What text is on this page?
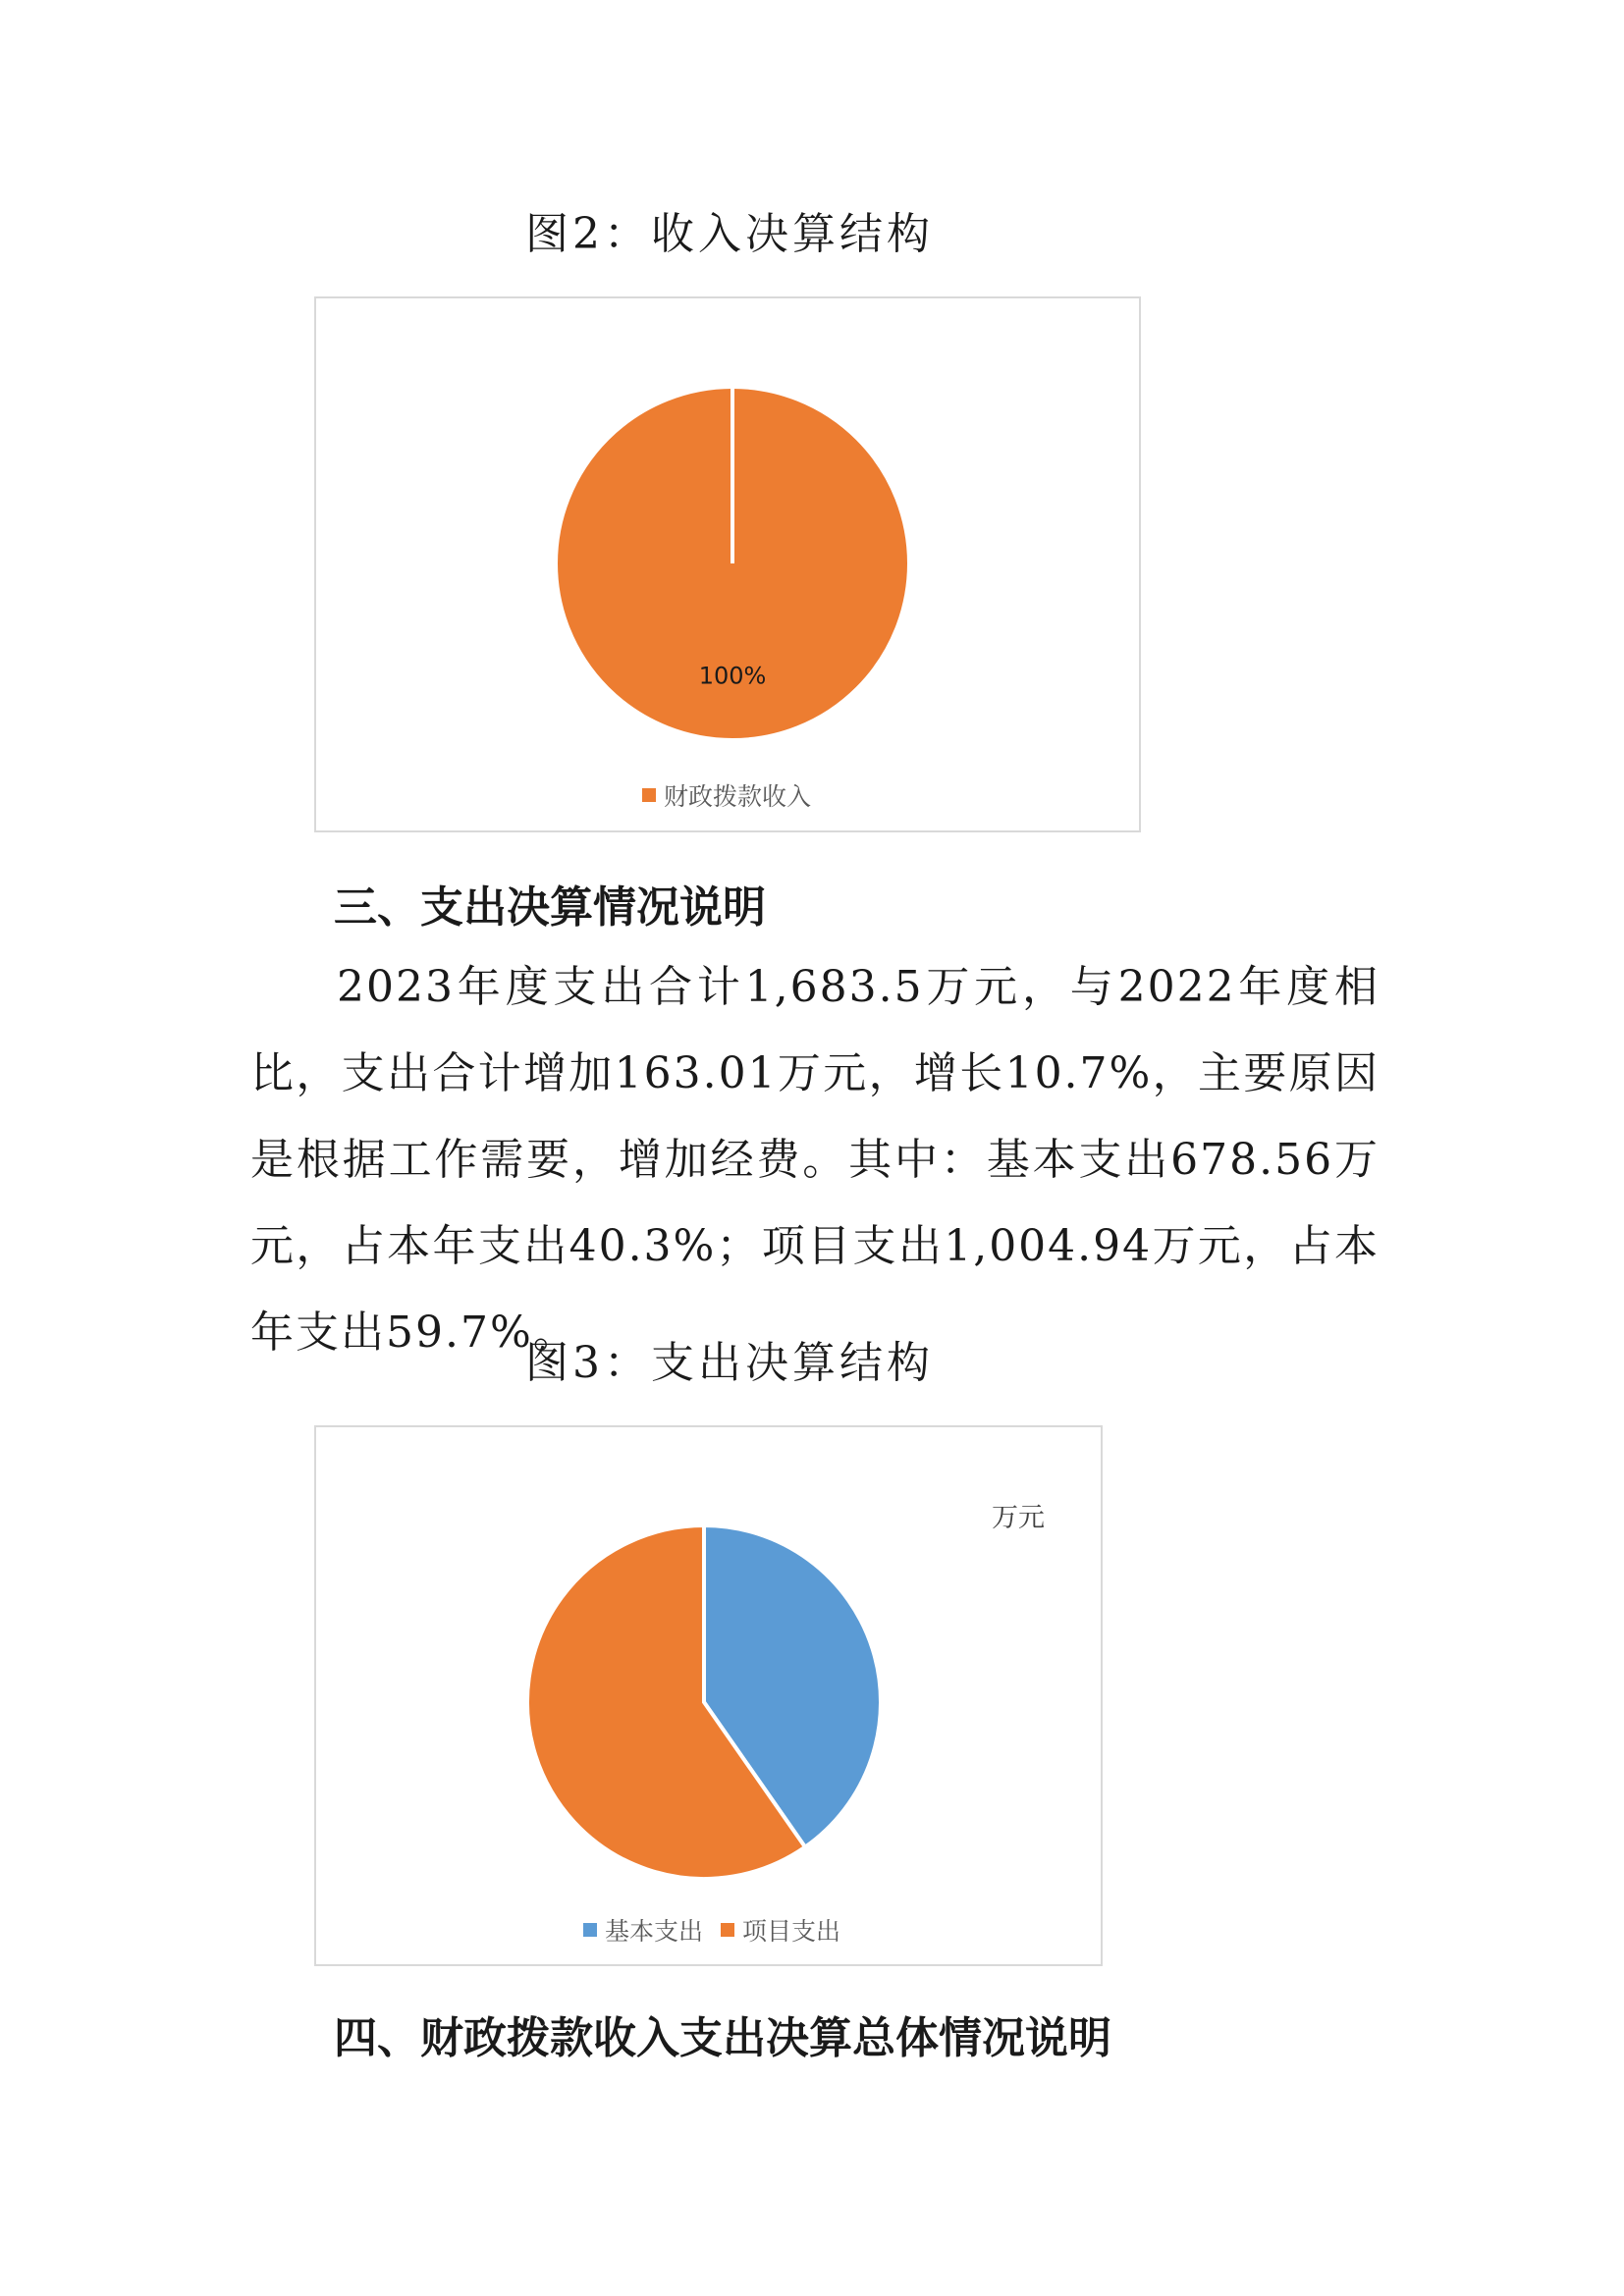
图2：收入决算结构
100%
财政拨款收入
三、支出决算情况说明

2023年度支出合计1,683.5万元，与2022年度相比，支出合计增加163.01万元，增长10.7%，主要原因是根据工作需要，增加经费。其中：基本支出678.56万元，占本年支出40.3%；项目支出1,004.94万元，占本年支出59.7%。

图3：支出决算结构
万元
基本支出 项目支出
四、财政拨款收入支出决算总体情况说明
